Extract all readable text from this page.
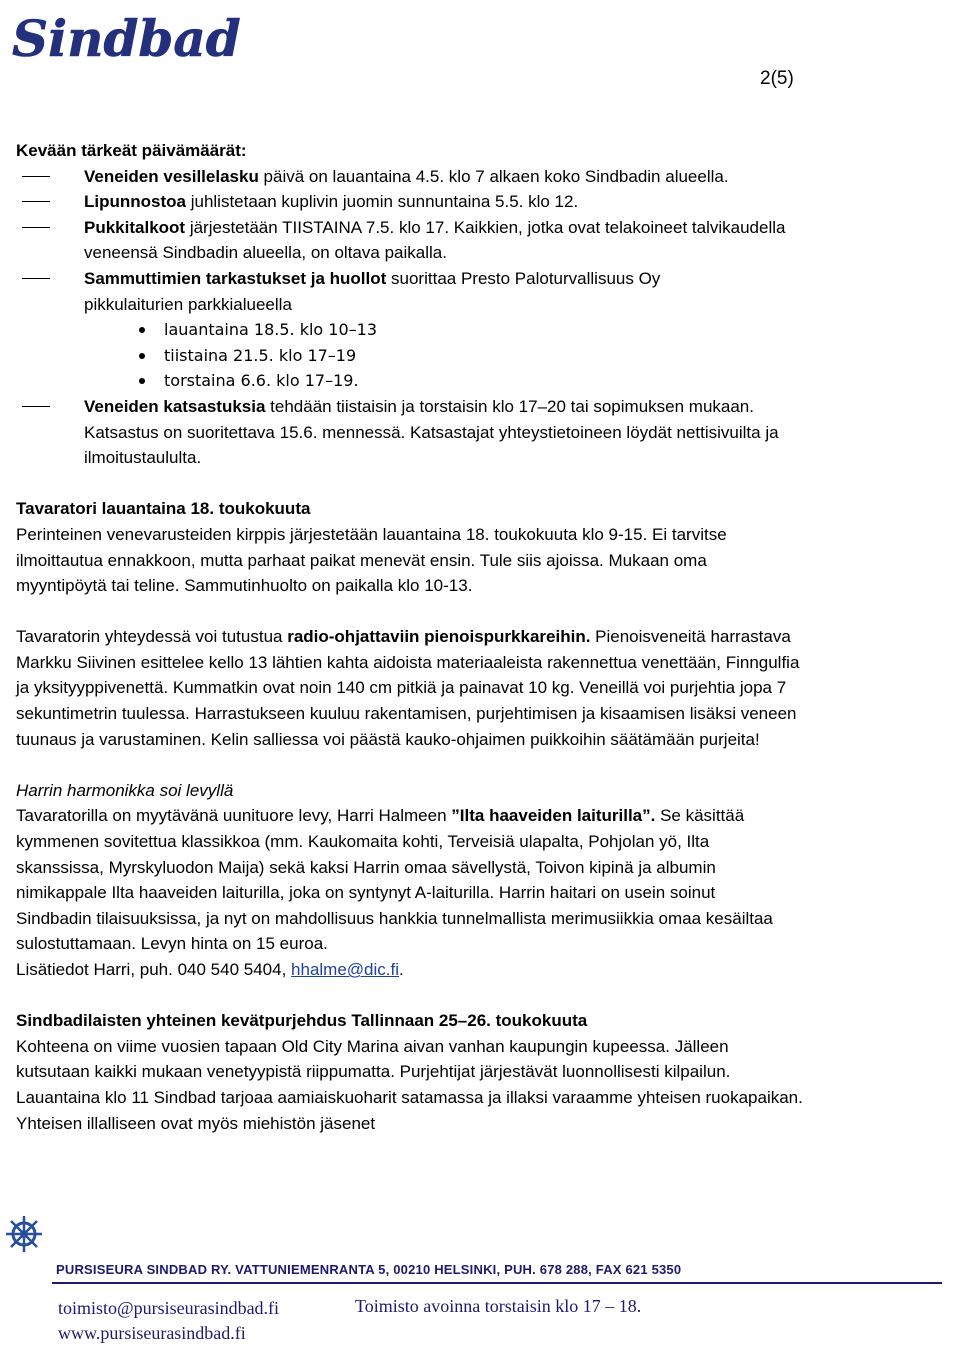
Sindbad
2(5)
Kevään tärkeät päivämäärät:
Veneiden vesillelasku päivä on lauantaina 4.5. klo 7 alkaen koko Sindbadin alueella.
Lipunnostoa juhlistetaan kuplivin juomin sunnuntaina 5.5. klo 12.
Pukkitalkoot järjestetään TIISTAINA 7.5. klo 17. Kaikkien, jotka ovat telakoineet talvikaudella veneensä Sindbadin alueella, on oltava paikalla.
Sammuttimien tarkastukset ja huollot suorittaa Presto Paloturvallisuus Oy pikkulaiturien parkkialueella
lauantaina 18.5. klo 10–13
tiistaina 21.5. klo 17–19
torstaina 6.6. klo 17–19.
Veneiden katsastuksia tehdään tiistaisin ja torstaisin klo 17–20 tai sopimuksen mukaan. Katsastus on suoritettava 15.6. mennessä. Katsastajat yhteystietoineen löydät nettisivuilta ja ilmoitustaululta.
Tavaratori lauantaina 18. toukokuuta

Perinteinen venevarusteiden kirppis järjestetään lauantaina 18. toukokuuta klo 9-15. Ei tarvitse ilmoittautua ennakkoon, mutta parhaat paikat menevät ensin. Tule siis ajoissa. Mukaan oma myyntipöytä tai teline. Sammutinhuolto on paikalla klo 10-13.

Tavaratorin yhteydessä voi tutustua radio-ohjattaviin pienoispurkkareihin. Pienoisveneitä harrastava Markku Siivinen esittelee kello 13 lähtien kahta aidoista materiaaleista rakennettua venettään, Finngulfia ja yksityyppivenettä. Kummatkin ovat noin 140 cm pitkiä ja painavat 10 kg. Veneillä voi purjehtia jopa 7 sekuntimetrin tuulessa. Harrastukseen kuuluu rakentamisen, purjehtimisen ja kisaamisen lisäksi veneen tuunaus ja varustaminen. Kelin salliessa voi päästä kauko-ohjaimen puikkoihin säätämään purjeita!

Harrin harmonikka soi levyllä

Tavaratorilla on myytävänä uunituore levy, Harri Halmeen ”Ilta haaveiden laiturilla”. Se käsittää kymmenen sovitettua klassikkoa (mm. Kaukomaita kohti, Terveisiä ulapalta, Pohjolan yö, Ilta skanssissa, Myrskyluodon Maija) sekä kaksi Harrin omaa sävellystä, Toivon kipinä ja albumin nimikappale Ilta haaveiden laiturilla, joka on syntynyt A-laiturilla. Harrin haitari on usein soinut Sindbadin tilaisuuksissa, ja nyt on mahdollisuus hankkia tunnelmallista merimusiikkia omaa kesäiltaa sulostuttamaan. Levyn hinta on 15 euroa.

Lisätiedot Harri, puh. 040 540 5404, hhalme@dic.fi.

Sindbadilaisten yhteinen kevätpurjehdus Tallinnaan 25–26. toukokuuta

Kohteena on viime vuosien tapaan Old City Marina aivan vanhan kaupungin kupeessa. Jälleen kutsutaan kaikki mukaan venetyypistä riippumatta. Purjehtijat järjestävät luonnollisesti kilpailun. Lauantaina klo 11 Sindbad tarjoaa aamiaiskuoharit satamassa ja illaksi varaamme yhteisen ruokapaikan. Yhteisen illalliseen ovat myös miehistön jäsenet

PURSISEURA SINDBAD RY. VATTUNIEMENRANTA 5, 00210 HELSINKI, PUH. 678 288, FAX 621 5350
toimisto@pursiseurasindbad.fi
www.pursiseurasindbad.fi
Toimisto avoinna torstaisin klo 17 – 18.
